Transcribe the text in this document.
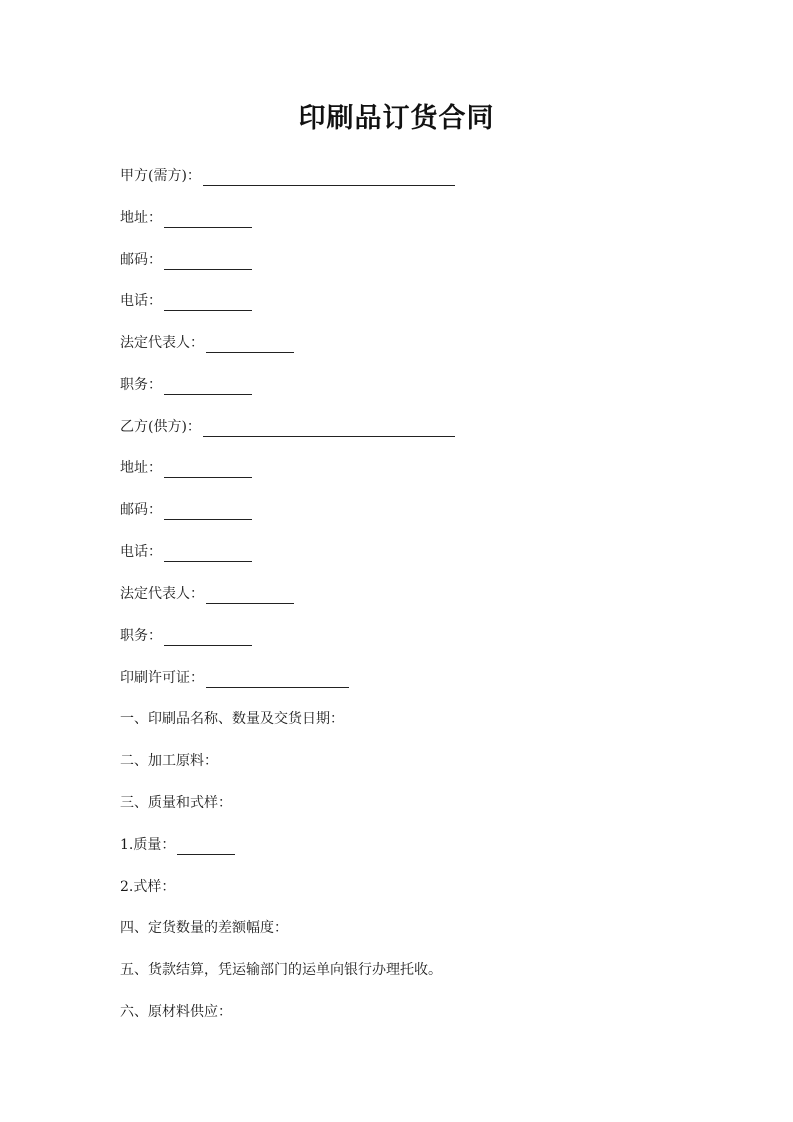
印刷品订货合同
甲方(需方)：
地址：
邮码：
电话：
法定代表人：
职务：
乙方(供方)：
地址：
邮码：
电话：
法定代表人：
职务：
印刷许可证：
一、印刷品名称、数量及交货日期：
二、加工原料：
三、质量和式样：
1.质量：
2.式样：
四、定货数量的差额幅度：
五、货款结算，凭运输部门的运单向银行办理托收。
六、原材料供应：
